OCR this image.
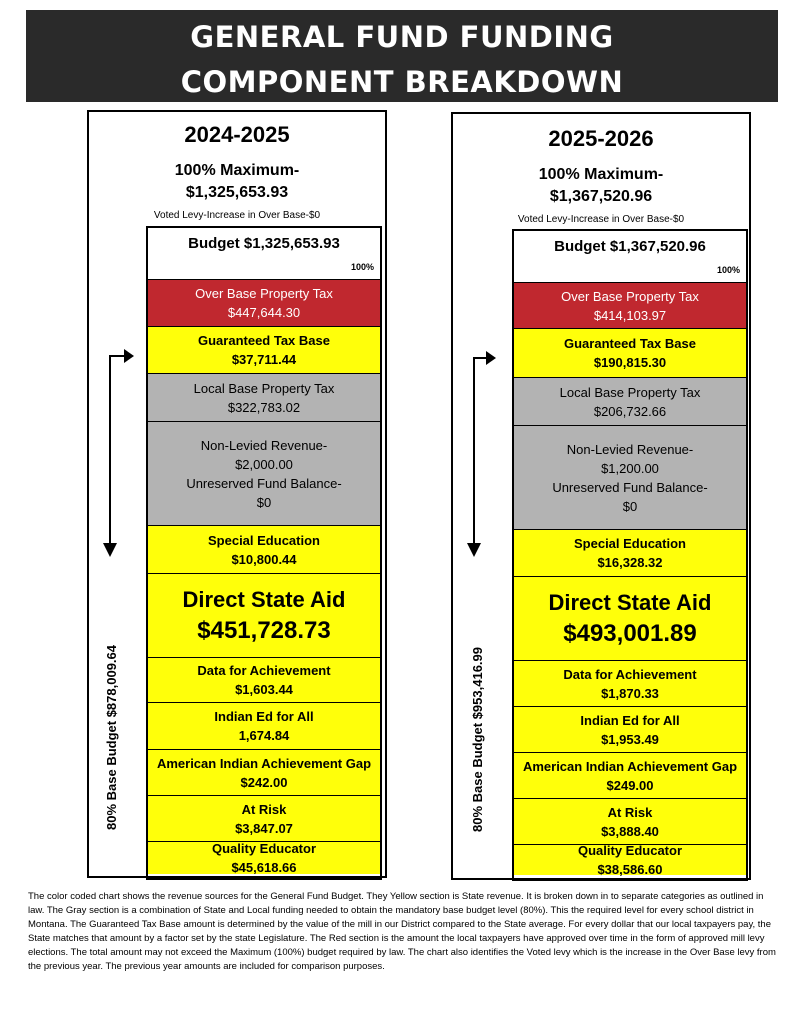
GENERAL FUND FUNDING
COMPONENT BREAKDOWN
2024-2025
100% Maximum-
$1,325,653.93
Voted Levy-Increase in Over Base-$0
Budget $1,325,653.93
100%
Over Base Property Tax
$447,644.30
Guaranteed Tax Base
$37,711.44
Local Base Property Tax
$322,783.02
Non-Levied Revenue-
$2,000.00
Unreserved Fund Balance-
$0
Special Education
$10,800.44
Direct State Aid
$451,728.73
Data for Achievement
$1,603.44
Indian Ed for All
1,674.84
American Indian Achievement Gap
$242.00
At Risk
$3,847.07
Quality Educator
$45,618.66
80% Base Budget $878,009.64
2025-2026
100% Maximum-
$1,367,520.96
Voted Levy-Increase in Over Base-$0
Budget $1,367,520.96
100%
Over Base Property Tax
$414,103.97
Guaranteed Tax Base
$190,815.30
Local Base Property Tax
$206,732.66
Non-Levied Revenue-
$1,200.00
Unreserved Fund Balance-
$0
Special Education
$16,328.32
Direct State Aid
$493,001.89
Data for Achievement
$1,870.33
Indian Ed for All
$1,953.49
American Indian Achievement Gap
$249.00
At Risk
$3,888.40
Quality Educator
$38,586.60
80% Base Budget $953,416.99
The color coded chart shows the revenue sources for the General Fund Budget. They Yellow section is State revenue. It is broken down in to separate categories as outlined in law. The Gray section is a combination of State and Local funding needed to obtain the mandatory base budget level (80%). This the required level for every school district in Montana. The Guaranteed Tax Base amount is determined by the value of the mill in our District compared to the State average. For every dollar that our local taxpayers pay, the State matches that amount by a factor set by the state Legislature. The Red section is the amount the local taxpayers have approved over time in the form of approved mill levy elections. The total amount may not exceed the Maximum (100%) budget required by law. The chart also identifies the Voted levy which is the increase in the Over Base levy from the previous year. The previous year amounts are included for comparison purposes.
